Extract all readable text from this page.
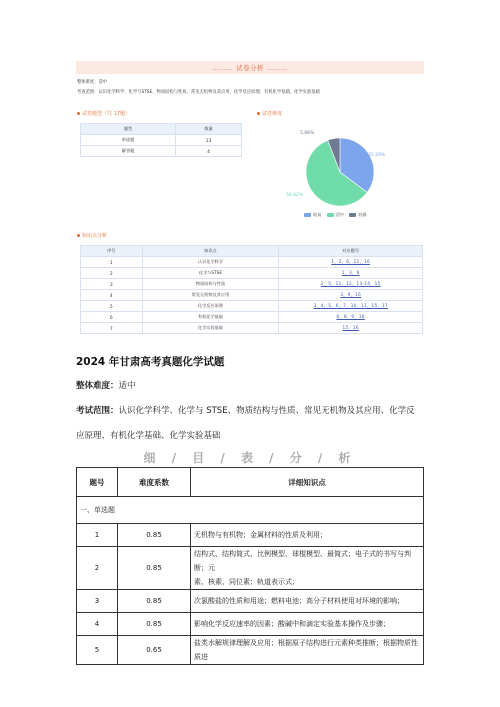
……… 试卷分析 ………
整体难度：适中
考查范围：认识化学科学、化学与STSE、物质结构与性质、常见无机物及其应用、化学反应原理、有机化学基础、化学实验基础
试卷题型（共 17题）
题型	数量
单选题	13
解答题	4
试卷难度
35.29%
58.82%
5.88%
较易	适中	较难
知识点分析
序号	知识点	对应题号
1	认识化学科学	1，2，6，11，16
2	化学与STSE	1，3，8
3	物质结构与性质	2，5，11，12，13-14，15
4	常见无机物及其应用	3，9，16
5	化学反应原理	3，4，5，6，7，10，11，15，17
6	有机化学基础	6，8，9，18
7	化学实验基础	15，16
2024 年甘肃高考真题化学试题
整体难度：适中
考试范围：认识化学科学、化学与 STSE、物质结构与性质、常见无机物及其应用、化学反
应原理、有机化学基础、化学实验基础
细 / 目 / 表 / 分 / 析
题号	难度系数	详细知识点
一、单选题		
1	0.85	无机物与有机物；金属材料的性质及利用；

2	0.85	结构式、结构简式、比例模型、球棍模型、最简式；电子式的书写与判断；元
素、核素、同位素；轨道表示式；

3	0.85	次氯酸盐的性质和用途；燃料电池；高分子材料使用对环境的影响；

4	0.85	影响化学反应速率的因素；酸碱中和滴定实验基本操作及步骤；

5	0.65	盐类水解规律理解及应用；根据原子结构进行元素种类推断；根据物质性质进
